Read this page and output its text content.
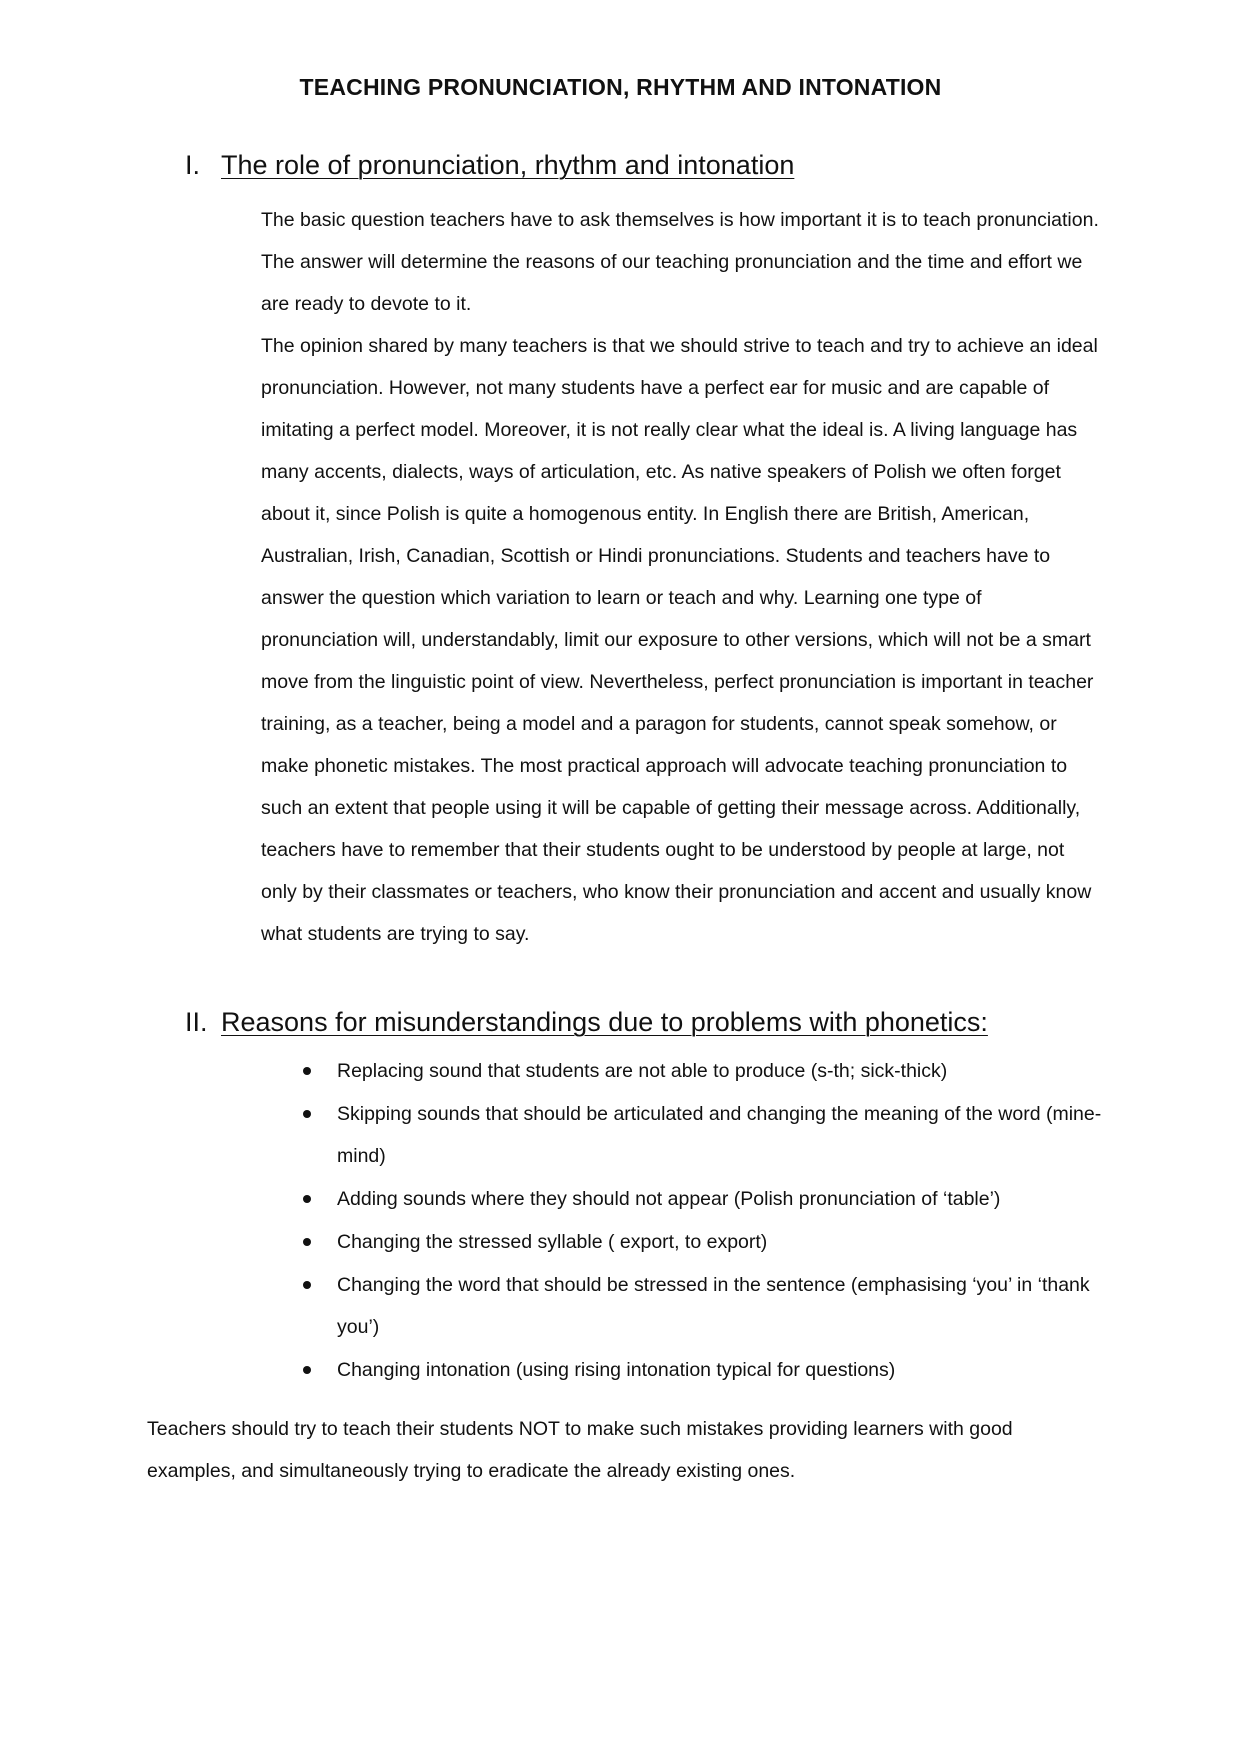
TEACHING PRONUNCIATION, RHYTHM AND INTONATION
I. The role of pronunciation, rhythm and intonation
The basic question teachers have to ask themselves is how important it is to teach pronunciation. The answer will determine the reasons of our teaching pronunciation and the time and effort we are ready to devote to it.
The opinion shared by many teachers is that we should strive to teach and try to achieve an ideal pronunciation. However, not many students have a perfect ear for music and are capable of imitating a perfect model. Moreover, it is not really clear what the ideal is. A living language has many accents, dialects, ways of articulation, etc. As native speakers of Polish we often forget about it, since Polish is quite a homogenous entity. In English there are British, American, Australian, Irish, Canadian, Scottish or Hindi pronunciations. Students and teachers have to answer the question which variation to learn or teach and why. Learning one type of pronunciation will, understandably, limit our exposure to other versions, which will not be a smart move from the linguistic point of view. Nevertheless, perfect pronunciation is important in teacher training, as a teacher, being a model and a paragon for students, cannot speak somehow, or make phonetic mistakes. The most practical approach will advocate teaching pronunciation to such an extent that people using it will be capable of getting their message across. Additionally, teachers have to remember that their students ought to be understood by people at large, not only by their classmates or teachers, who know their pronunciation and accent and usually know what students are trying to say.
II. Reasons for misunderstandings due to problems with phonetics:
Replacing sound that students are not able to produce (s-th; sick-thick)
Skipping sounds that should be articulated and changing the meaning of the word (mine-mind)
Adding sounds where they should not appear (Polish pronunciation of ‘table’)
Changing the stressed syllable ( export, to export)
Changing the word that should be stressed in the sentence (emphasising ‘you’ in ‘thank you’)
Changing intonation (using rising intonation typical for questions)
Teachers should try to teach their students NOT to make such mistakes providing learners with good examples, and simultaneously trying to eradicate the already existing ones.
